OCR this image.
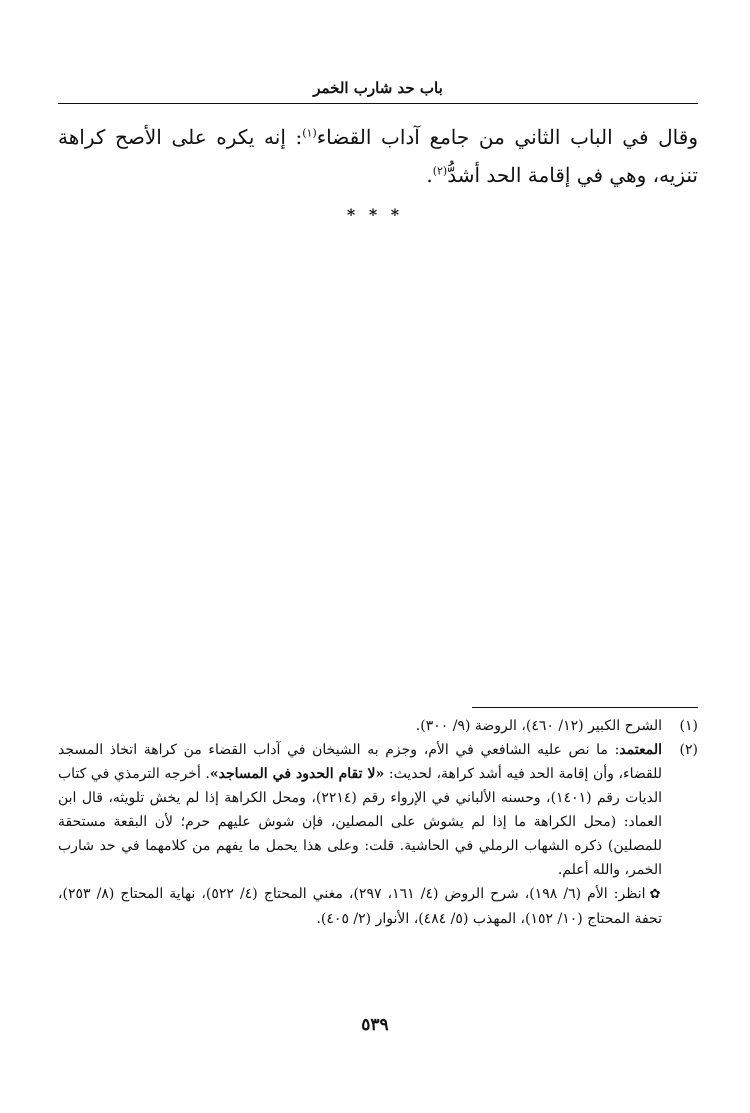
باب حد شارب الخمر

وقال في الباب الثاني من جامع آداب القضاء$^{(١)}$: إنه يكره على الأصح كراهة تنزيه، وهي في إقامة الحد أشدُّ$^{(٢)}$.

* * *
(١)
الشرح الكبير (١٢/ ٤٦٠)، الروضة (٩/ ٣٠٠).
(٢)
المعتمد: ما نص عليه الشافعي في الأم، وجزم به الشيخان في آداب القضاء من كراهة اتخاذ المسجد للقضاء، وأن إقامة الحد فيه أشد كراهة، لحديث: «لا تقام الحدود في المساجد». أخرجه الترمذي في كتاب الديات رقم (١٤٠١)، وحسنه الألباني في الإرواء رقم (٢٢١٤)، ومحل الكراهة إذا لم يخش تلويثه، قال ابن العماد: (محل الكراهة ما إذا لم يشوش على المصلين، فإن شوش عليهم حرم؛ لأن البقعة مستحقة للمصلين) ذكره الشهاب الرملي في الحاشية. قلت: وعلى هذا يحمل ما يفهم من كلامهما في حد شارب الخمر، والله أعلم.
✿انظر: الأم (٦/ ١٩٨)، شرح الروض (٤/ ١٦١، ٢٩٧)، مغني المحتاج (٤/ ٥٢٢)، نهاية المحتاج (٨/ ٢٥٣)، تحفة المحتاج (١٠/ ١٥٢)، المهذب (٥/ ٤٨٤)، الأنوار (٢/ ٤٠٥).
٥٣٩
